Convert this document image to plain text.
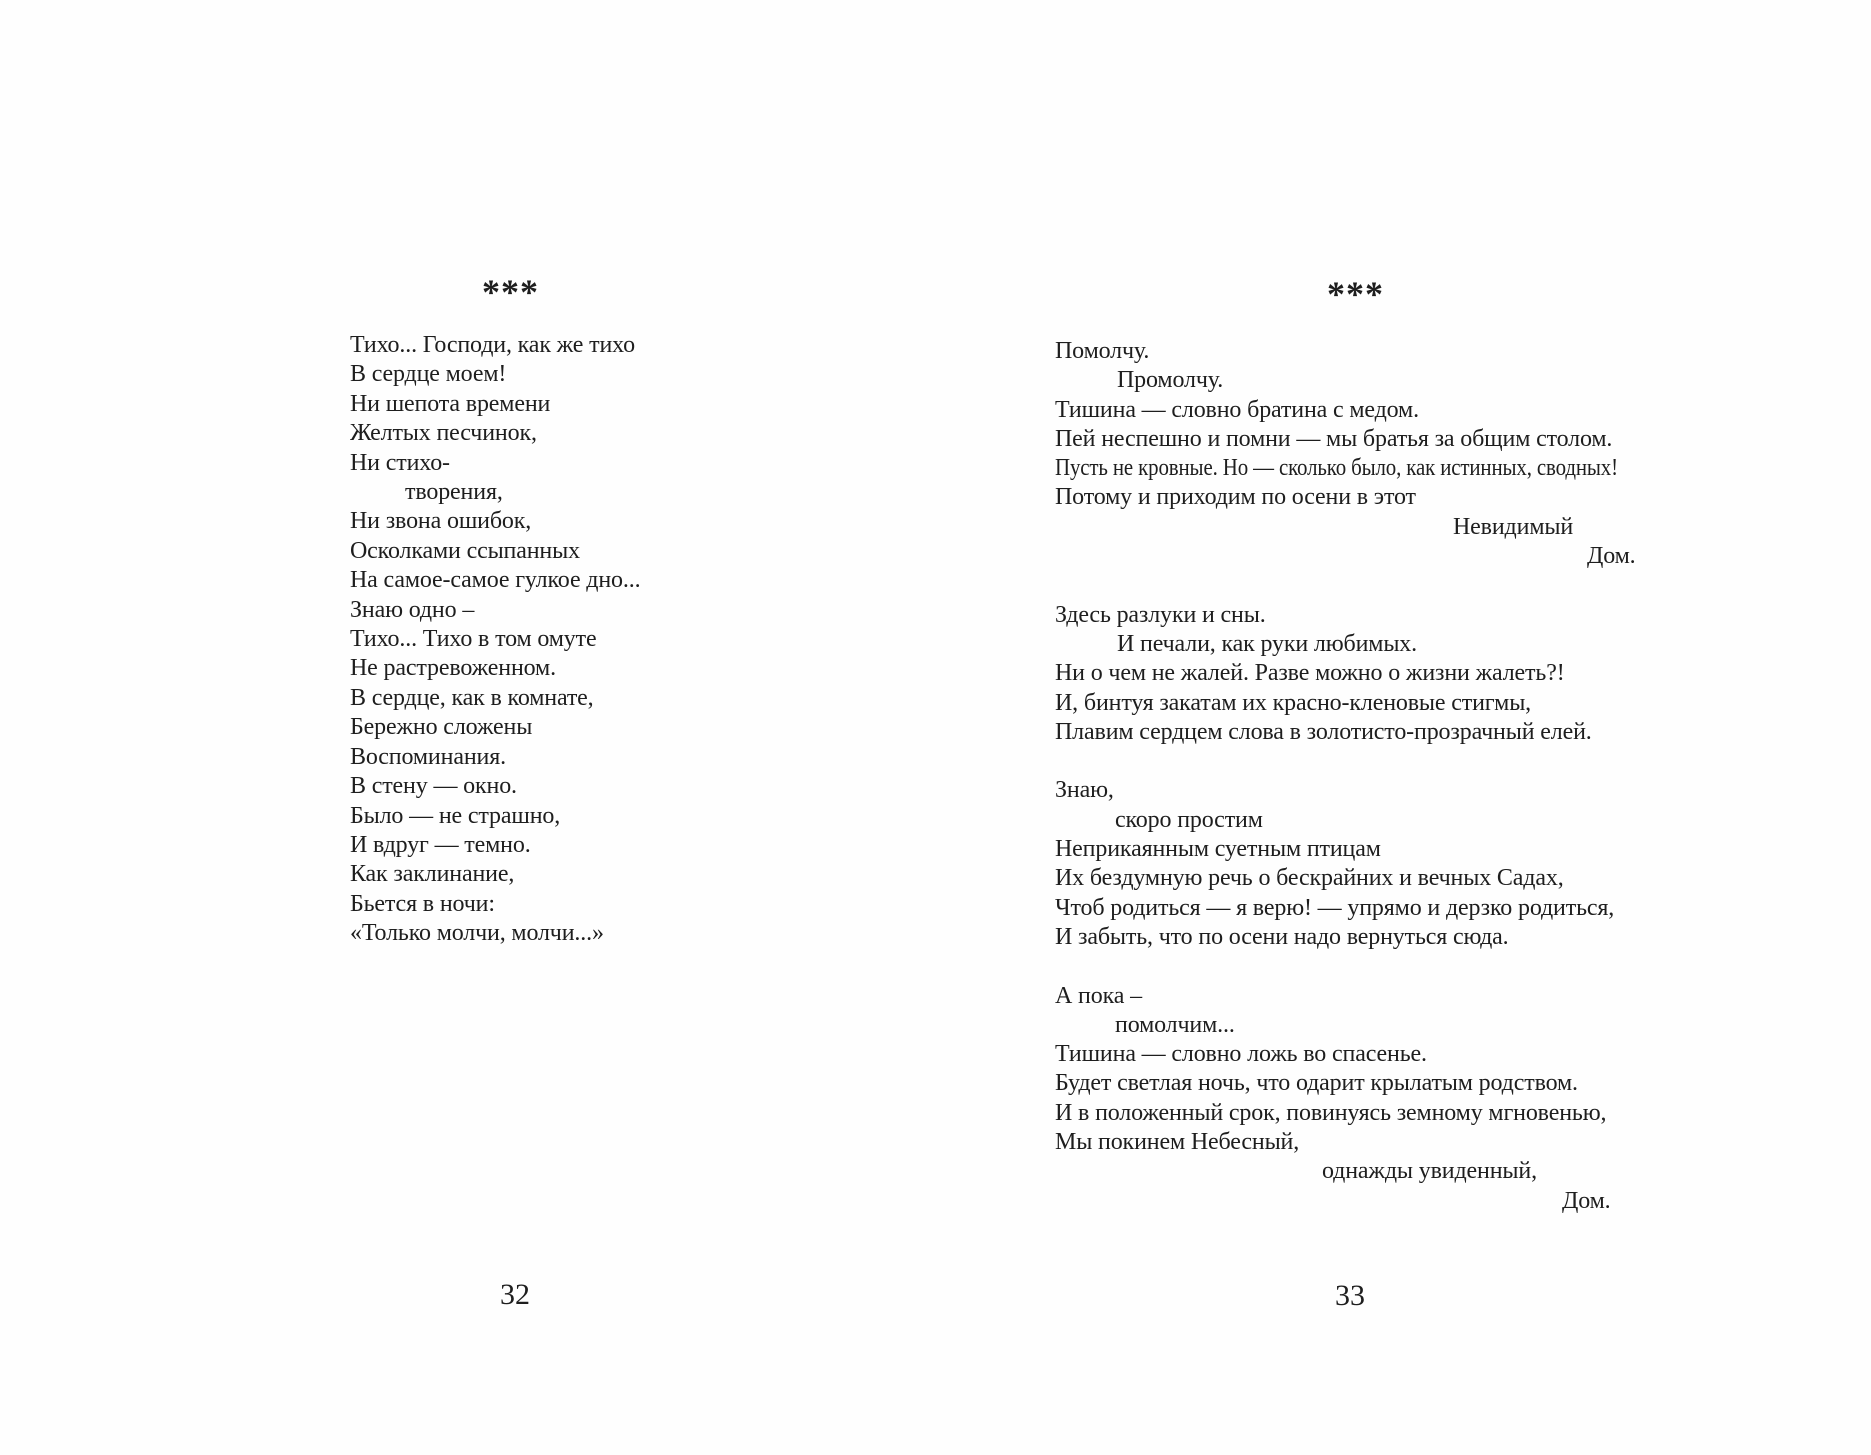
* * *
Тихо... Господи, как же тихо
В сердце моем!
Ни шепота времени
Желтых песчинок,
Ни стихо-
творения,
Ни звона ошибок,
Осколками ссыпанных
На самое-самое гулкое дно...
Знаю одно –
Тихо... Тихо в том омуте
Не растревоженном.
В сердце, как в комнате,
Бережно сложены
Воспоминания.
В стену — окно.
Было — не страшно,
И вдруг — темно.
Как заклинание,
Бьется в ночи:
«Только молчи, молчи...»
32
* * *
Помолчу.
Промолчу.
Тишина — словно братина с медом.
Пей неспешно и помни — мы братья за общим столом.
Пусть не кровные. Но — сколько было, как истинных, сводных!
Потому и приходим по осени в этот
Невидимый
Дом.

Здесь разлуки и сны.
И печали, как руки любимых.
Ни о чем не жалей. Разве можно о жизни жалеть?!
И, бинтуя закатам их красно-кленовые стигмы,
Плавим сердцем слова в золотисто-прозрачный елей.

Знаю,
скоро простим
Неприкаянным суетным птицам
Их бездумную речь о бескрайних и вечных Садах,
Чтоб родиться — я верю! — упрямо и дерзко родиться,
И забыть, что по осени надо вернуться сюда.

А пока –
помолчим...
Тишина — словно ложь во спасенье.
Будет светлая ночь, что одарит крылатым родством.
И в положенный срок, повинуясь земному мгновенью,
Мы покинем Небесный,
однажды увиденный,
Дом.
33
